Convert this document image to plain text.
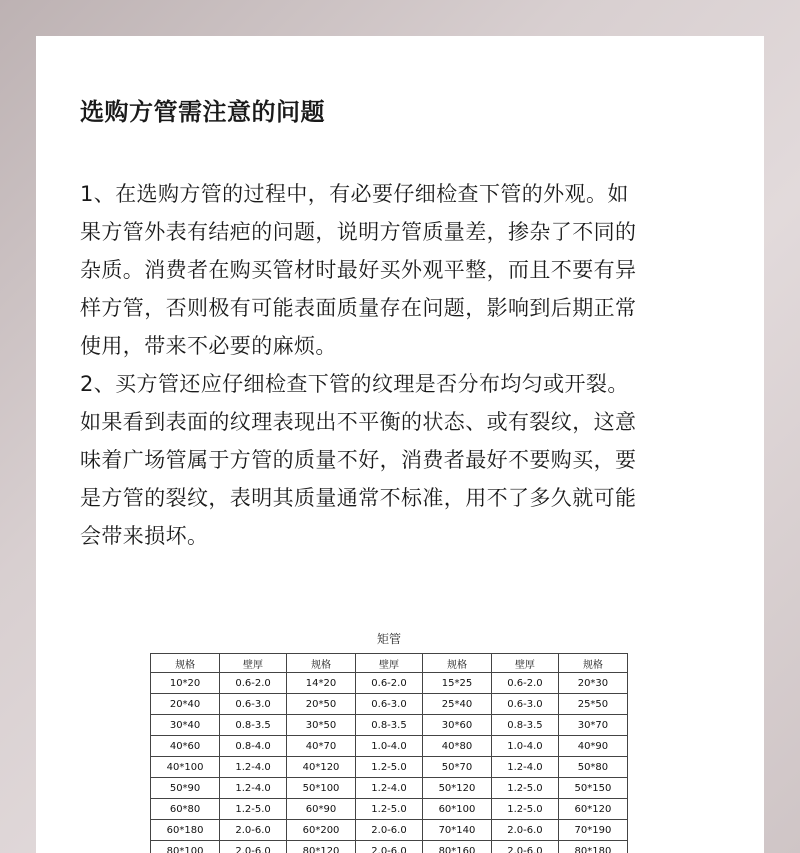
选购方管需注意的问题
1、在选购方管的过程中，有必要仔细检查下管的外观。如
果方管外表有结疤的问题，说明方管质量差，掺杂了不同的
杂质。消费者在购买管材时最好买外观平整，而且不要有异
样方管，否则极有可能表面质量存在问题，影响到后期正常
使用，带来不必要的麻烦。
2、买方管还应仔细检查下管的纹理是否分布均匀或开裂。
如果看到表面的纹理表现出不平衡的状态、或有裂纹，这意
味着广场管属于方管的质量不好，消费者最好不要购买，要
是方管的裂纹，表明其质量通常不标准，用不了多久就可能
会带来损坏。
矩管
规格	壁厚	规格	壁厚	规格	壁厚	规格
10*20	0.6-2.0	14*20	0.6-2.0	15*25	0.6-2.0	20*30
20*40	0.6-3.0	20*50	0.6-3.0	25*40	0.6-3.0	25*50
30*40	0.8-3.5	30*50	0.8-3.5	30*60	0.8-3.5	30*70
40*60	0.8-4.0	40*70	1.0-4.0	40*80	1.0-4.0	40*90
40*100	1.2-4.0	40*120	1.2-5.0	50*70	1.2-4.0	50*80
50*90	1.2-4.0	50*100	1.2-4.0	50*120	1.2-5.0	50*150
60*80	1.2-5.0	60*90	1.2-5.0	60*100	1.2-5.0	60*120
60*180	2.0-6.0	60*200	2.0-6.0	70*140	2.0-6.0	70*190
80*100	2.0-6.0	80*120	2.0-6.0	80*160	2.0-6.0	80*180
